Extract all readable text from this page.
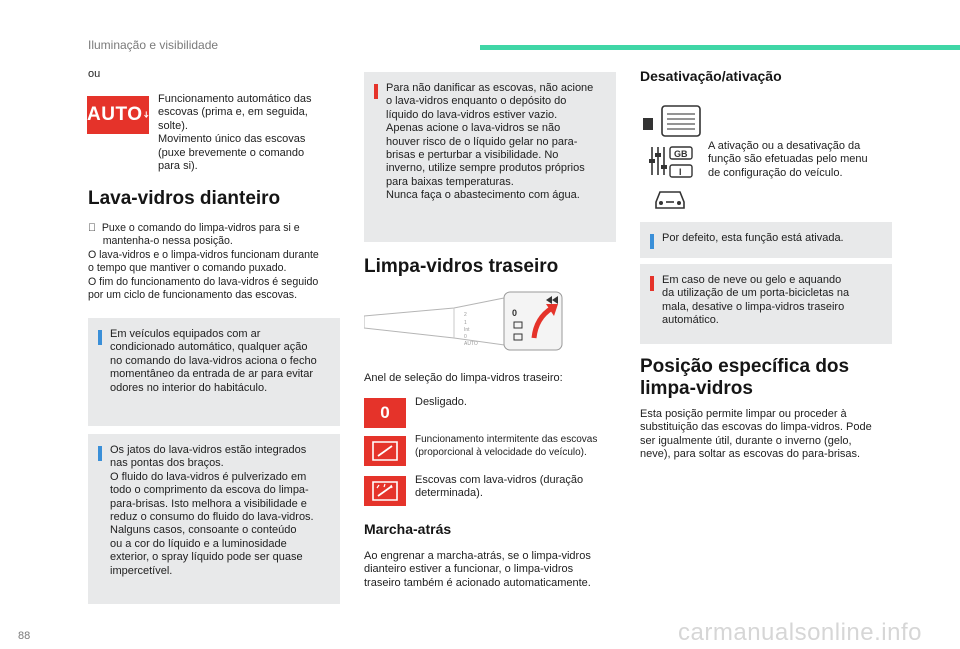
Iluminação e visibilidade
ou
AUTO
Funcionamento automático das
escovas (prima e, em seguida,
solte).
Movimento único das escovas
(puxe brevemente o comando
para si).
Lava-vidros dianteiro
Puxe o comando do limpa-vidros para si e
mantenha-o nessa posição.
O lava-vidros e o limpa-vidros funcionam durante
o tempo que mantiver o comando puxado.
O fim do funcionamento do lava-vidros é seguido
por um ciclo de funcionamento das escovas.
Em veículos equipados com ar
condicionado automático, qualquer ação
no comando do lava-vidros aciona o fecho
momentâneo da entrada de ar para evitar
odores no interior do habitáculo.
Os jatos do lava-vidros estão integrados
nas pontas dos braços.
O fluido do lava-vidros é pulverizado em
todo o comprimento da escova do limpa-
para-brisas. Isto melhora a visibilidade e
reduz o consumo do fluido do lava-vidros.
Nalguns casos, consoante o conteúdo
ou a cor do líquido e a luminosidade
exterior, o spray líquido pode ser quase
impercetível.
Para não danificar as escovas, não acione
o lava-vidros enquanto o depósito do
líquido do lava-vidros estiver vazio.
Apenas acione o lava-vidros se não
houver risco de o líquido gelar no para-
brisas e perturbar a visibilidade. No
inverno, utilize sempre produtos próprios
para baixas temperaturas.
Nunca faça o abastecimento com água.
Limpa-vidros traseiro
2
1
Int
0
AUTO
0
Anel de seleção do limpa-vidros traseiro:
0
Desligado.
Funcionamento intermitente das escovas
(proporcional à velocidade do veículo).
Escovas com lava-vidros (duração
determinada).
Marcha-atrás
Ao engrenar a marcha-atrás, se o limpa-vidros
dianteiro estiver a funcionar, o limpa-vidros
traseiro também é acionado automaticamente.
Desativação/ativação
GB
I
A ativação ou a desativação da
função são efetuadas pelo menu
de configuração do veículo.
Por defeito, esta função está ativada.
Em caso de neve ou gelo e aquando
da utilização de um porta-bicicletas na
mala, desative o limpa-vidros traseiro
automático.
Posição específica dos
limpa-vidros
Esta posição permite limpar ou proceder à
substituição das escovas do limpa-vidros. Pode
ser igualmente útil, durante o inverno (gelo,
neve), para soltar as escovas do para-brisas.
88	carmanualsonline.info
